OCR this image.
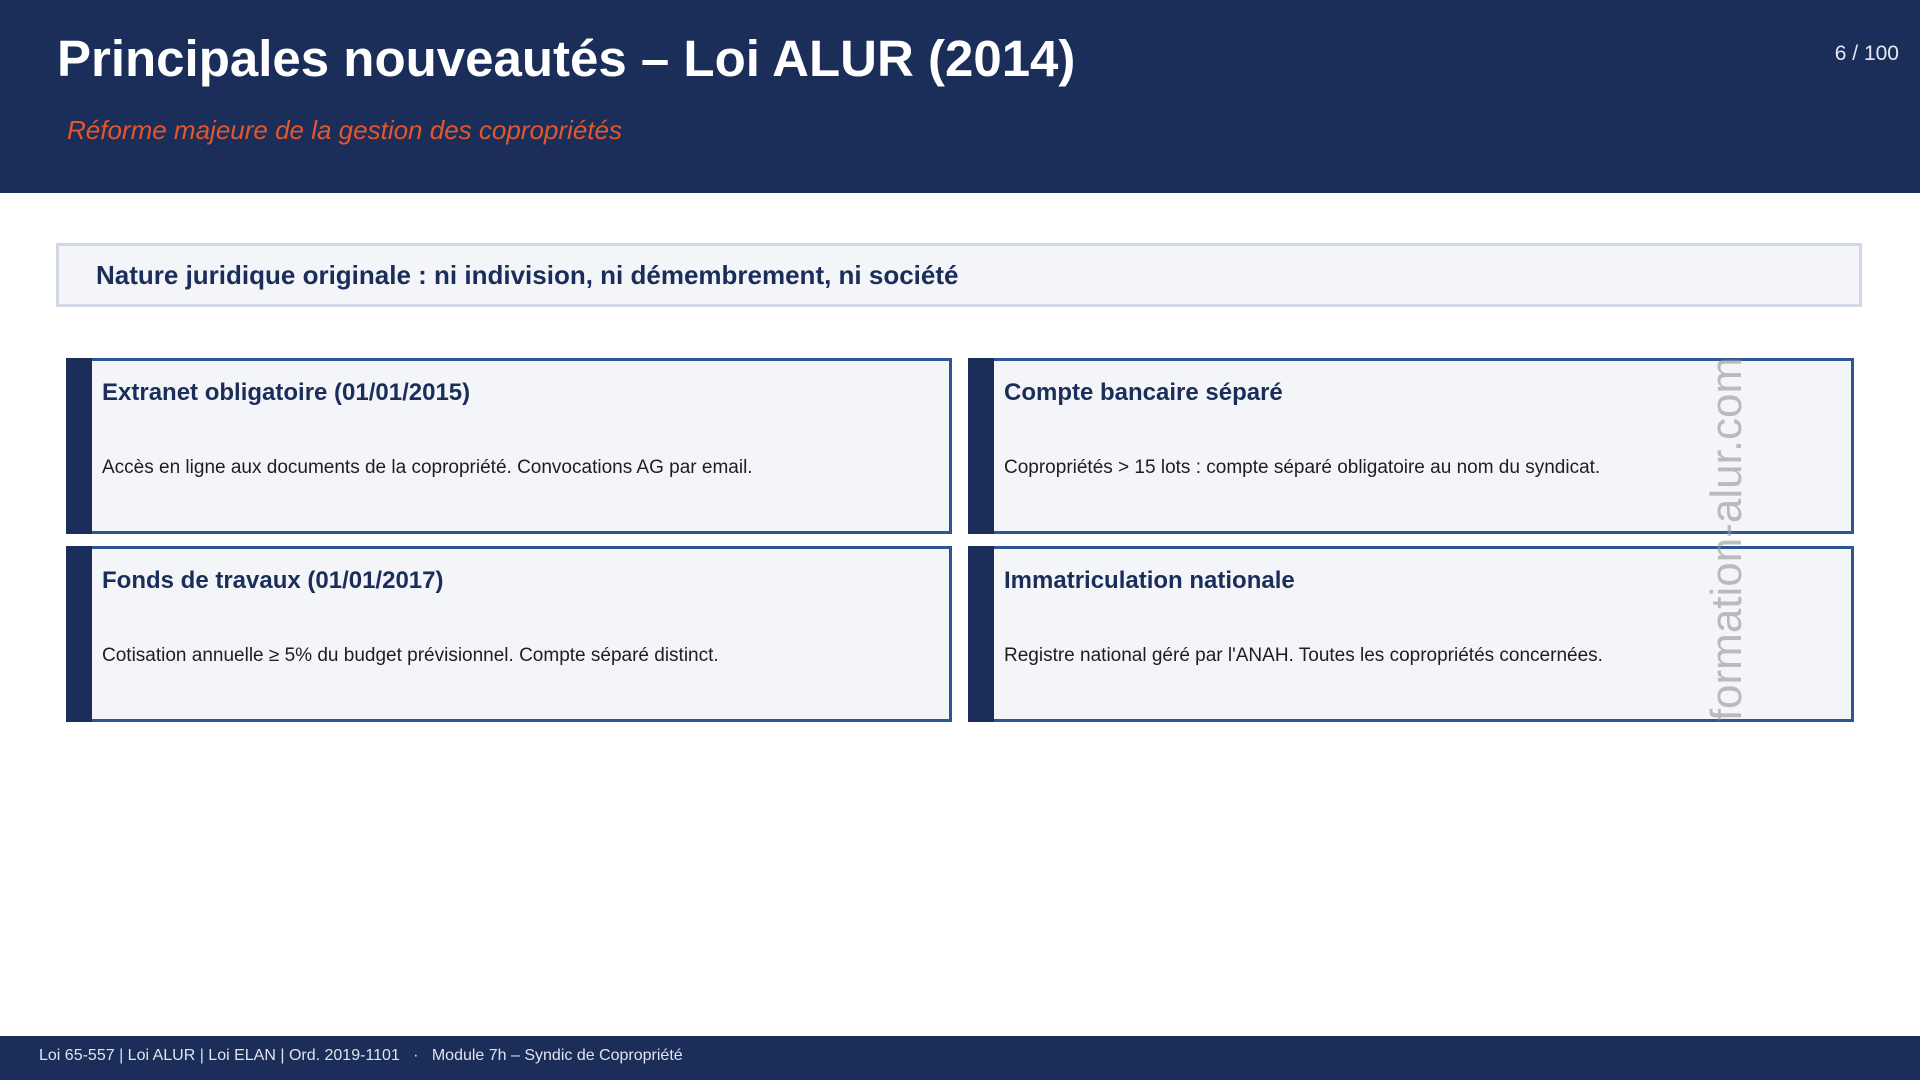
Principales nouveautés – Loi ALUR (2014)
Réforme majeure de la gestion des copropriétés
6 / 100
Nature juridique originale : ni indivision, ni démembrement, ni société
Extranet obligatoire (01/01/2015)
Accès en ligne aux documents de la copropriété. Convocations AG par email.
Compte bancaire séparé
Copropriétés > 15 lots : compte séparé obligatoire au nom du syndicat.
Fonds de travaux (01/01/2017)
Cotisation annuelle ≥ 5% du budget prévisionnel. Compte séparé distinct.
Immatriculation nationale
Registre national géré par l'ANAH. Toutes les copropriétés concernées. formation-alur.com
Loi 65-557 | Loi ALUR | Loi ELAN | Ord. 2019-1101   ·   Module 7h – Syndic de Copropriété
